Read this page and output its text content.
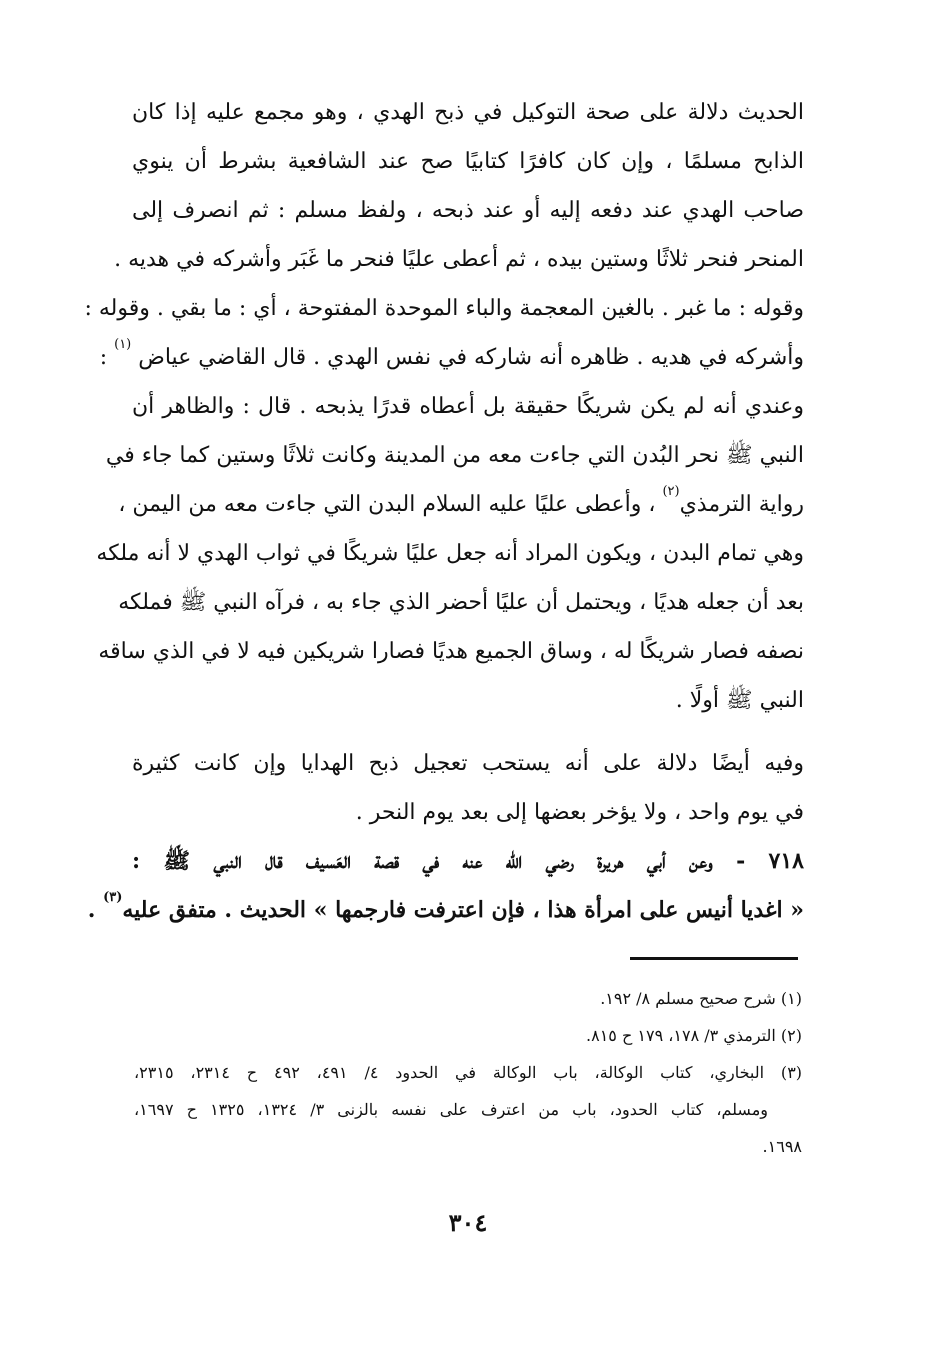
الحديث دلالة على صحة التوكيل في ذبح الهدي ، وهو مجمع عليه إذا كان
الذابح مسلمًا ، وإن كان كافرًا كتابيًا صح عند الشافعية بشرط أن ينوي
صاحب الهدي عند دفعه إليه أو عند ذبحه ، ولفظ مسلم : ثم انصرف إلى
المنحر فنحر ثلاثًا وستين بيده ، ثم أعطى عليًا فنحر ما غَبَر وأشركه في هديه .
وقوله : ما غبر . بالغين المعجمة والباء الموحدة المفتوحة ، أي : ما بقي . وقوله :
وأشركه في هديه . ظاهره أنه شاركه في نفس الهدي . قال القاضي عياض $^{(١)}$ :
وعندي أنه لم يكن شريكًا حقيقة بل أعطاه قدرًا يذبحه . قال : والظاهر أن
النبي ﷺ نحر البُدن التي جاءت معه من المدينة وكانت ثلاثًا وستين كما جاء في
رواية الترمذي$^{(٢)}$ ، وأعطى عليًا عليه السلام البدن التي جاءت معه من اليمن ،
وهي تمام البدن ، ويكون المراد أنه جعل عليًا شريكًا في ثواب الهدي لا أنه ملكه
بعد أن جعله هديًا ، ويحتمل أن عليًا أحضر الذي جاء به ، فرآه النبي ﷺ فملكه
نصفه فصار شريكًا له ، وساق الجميع هديًا فصارا شريكين فيه لا في الذي ساقه
النبي ﷺ أولًا .
وفيه أيضًا دلالة على أنه يستحب تعجيل ذبح الهدايا وإن كانت كثيرة
في يوم واحد ، ولا يؤخر بعضها إلى بعد يوم النحر .
٧١٨ - وعن أبي هريرة رضي الله عنه في قصة العَسيف قال النبي ﷺ :
« اغديا أنيس على امرأة هذا ، فإن اعترفت فارجمها » الحديث . متفق عليه$^{(٣)}$ .
(١) شرح صحيح مسلم ٨/ ١٩٢.
(٢) الترمذي ٣/ ١٧٨، ١٧٩ ح ٨١٥.
(٣) البخاري، كتاب الوكالة، باب الوكالة في الحدود ٤/ ٤٩١، ٤٩٢ ح ٢٣١٤، ٢٣١٥،
ومسلم، كتاب الحدود، باب من اعترف على نفسه بالزنى ٣/ ١٣٢٤، ١٣٢٥ ح ١٦٩٧،
١٦٩٨.
٣٠٤
